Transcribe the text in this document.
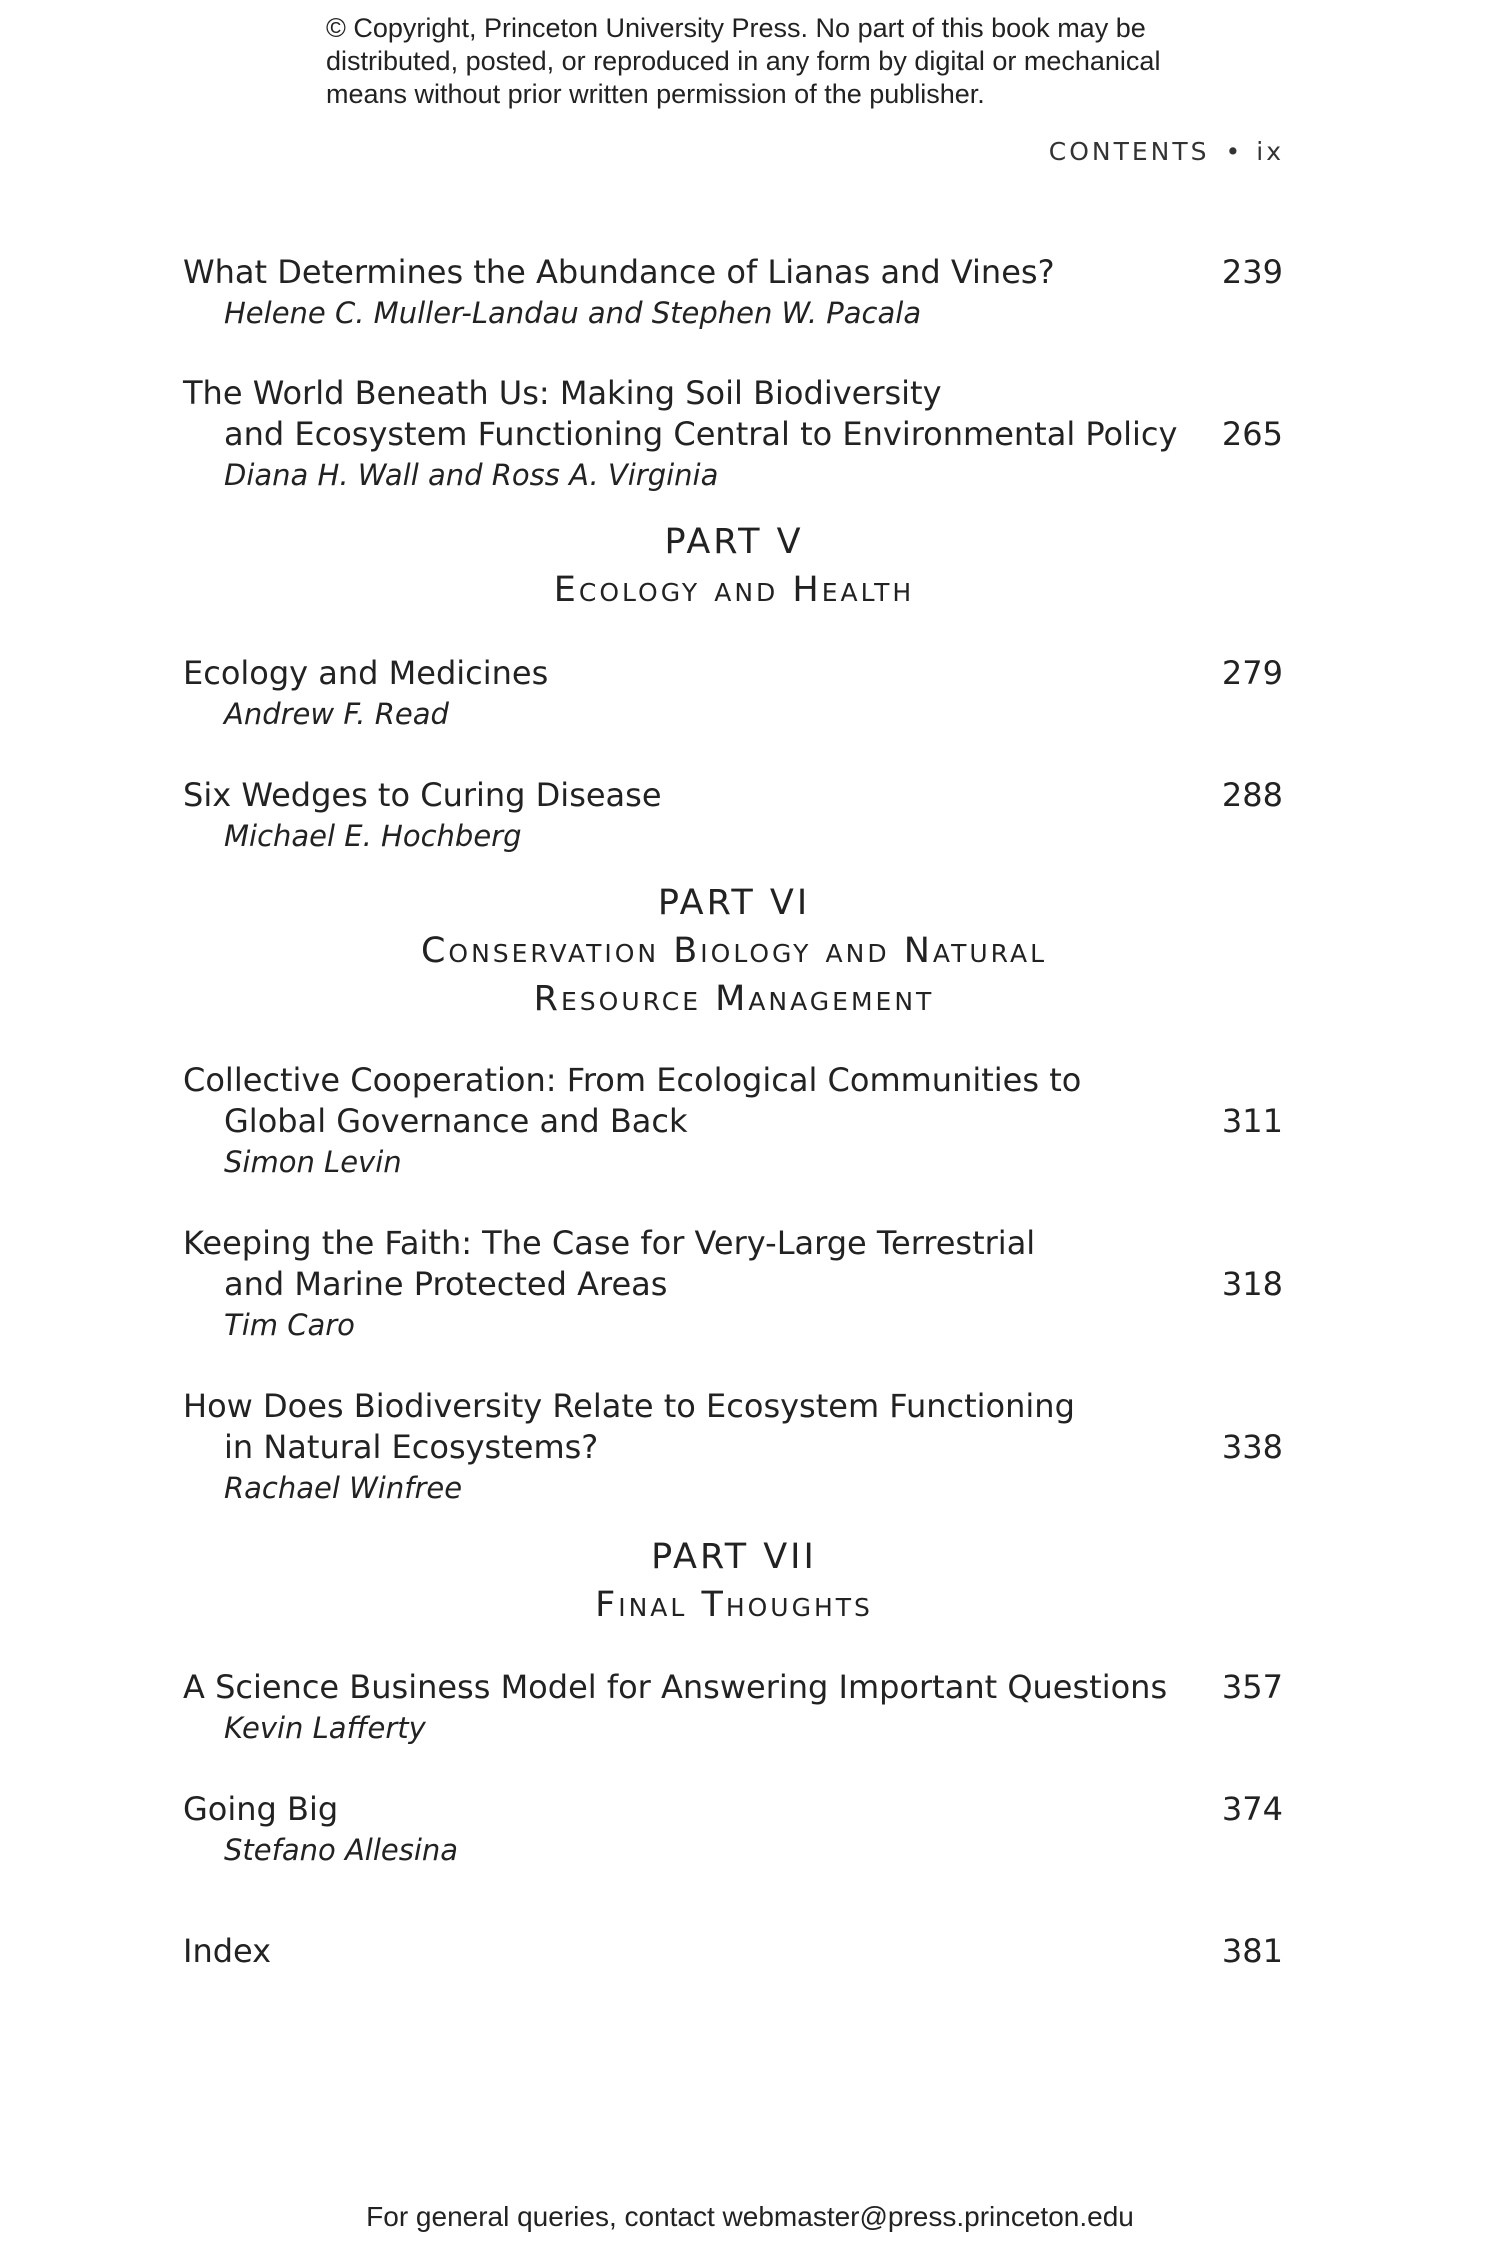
© Copyright, Princeton University Press. No part of this book may be
distributed, posted, or reproduced in any form by digital or mechanical
means without prior written permission of the publisher.
CONTENTS • ix
What Determines the Abundance of Lianas and Vines?	239
Helene C. Muller-Landau and Stephen W. Pacala
The World Beneath Us: Making Soil Biodiversity
and Ecosystem Functioning Central to Environmental Policy 265
Diana H. Wall and Ross A. Virginia
PART V
Ecology and Health
Ecology and Medicines	279
Andrew F. Read
Six Wedges to Curing Disease	288
Michael E. Hochberg
PART VI
Conservation Biology and Natural
Resource Management
Collective Cooperation: From Ecological Communities to
Global Governance and Back	311
Simon Levin
Keeping the Faith: The Case for Very-Large Terrestrial
and Marine Protected Areas	318
Tim Caro
How Does Biodiversity Relate to Ecosystem Functioning
in Natural Ecosystems?	338
Rachael Winfree
PART VII
Final Thoughts
A Science Business Model for Answering Important Questions 357
Kevin Lafferty
Going Big	374
Stefano Allesina
Index	381
For general queries, contact webmaster@press.princeton.edu
